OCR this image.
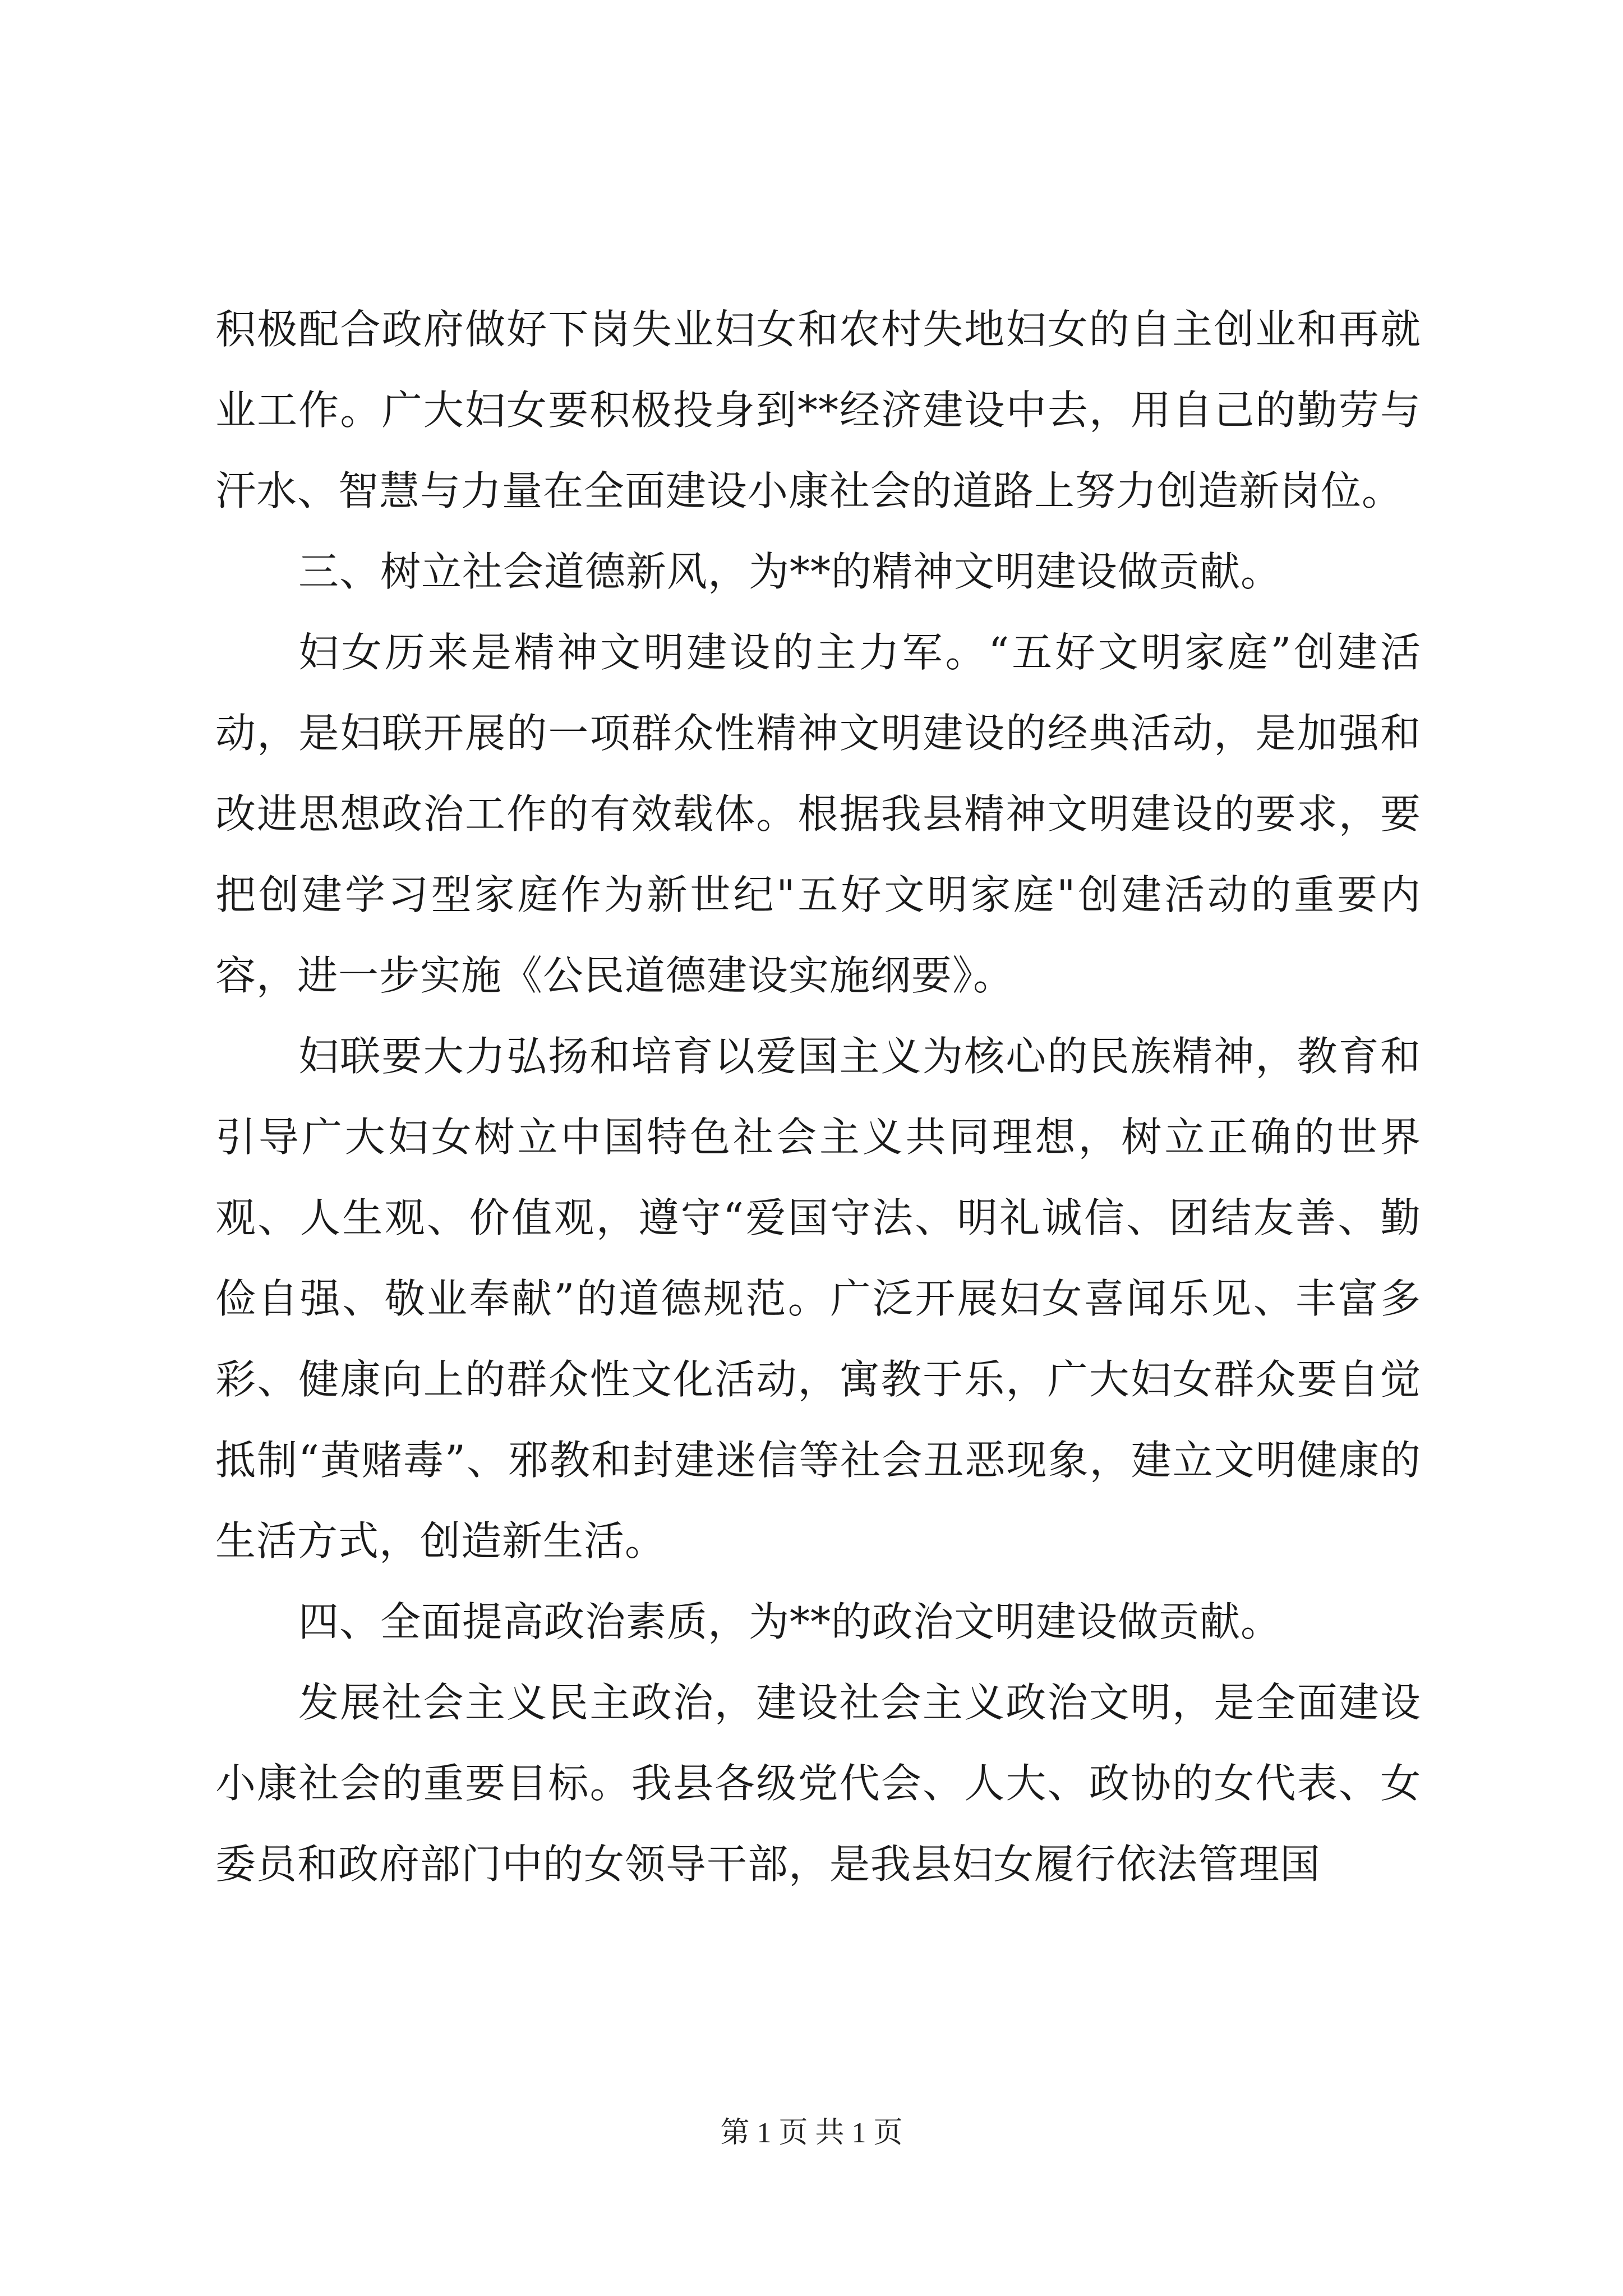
积极配合政府做好下岗失业妇女和农村失地妇女的自主创业和再就业工作。广大妇女要积极投身到**经济建设中去，用自己的勤劳与汗水、智慧与力量在全面建设小康社会的道路上努力创造新岗位。

三、树立社会道德新风，为**的精神文明建设做贡献。

妇女历来是精神文明建设的主力军。“五好文明家庭”创建活动，是妇联开展的一项群众性精神文明建设的经典活动，是加强和改进思想政治工作的有效载体。根据我县精神文明建设的要求，要把创建学习型家庭作为新世纪"五好文明家庭"创建活动的重要内容，进一步实施《公民道德建设实施纲要》。

妇联要大力弘扬和培育以爱国主义为核心的民族精神，教育和引导广大妇女树立中国特色社会主义共同理想，树立正确的世界观、人生观、价值观，遵守“爱国守法、明礼诚信、团结友善、勤俭自强、敬业奉献”的道德规范。广泛开展妇女喜闻乐见、丰富多彩、健康向上的群众性文化活动，寓教于乐，广大妇女群众要自觉抵制“黄赌毒”、邪教和封建迷信等社会丑恶现象，建立文明健康的生活方式，创造新生活。

四、全面提高政治素质，为**的政治文明建设做贡献。

发展社会主义民主政治，建设社会主义政治文明，是全面建设小康社会的重要目标。我县各级党代会、人大、政协的女代表、女委员和政府部门中的女领导干部，是我县妇女履行依法管理国

第 1 页 共 1 页
